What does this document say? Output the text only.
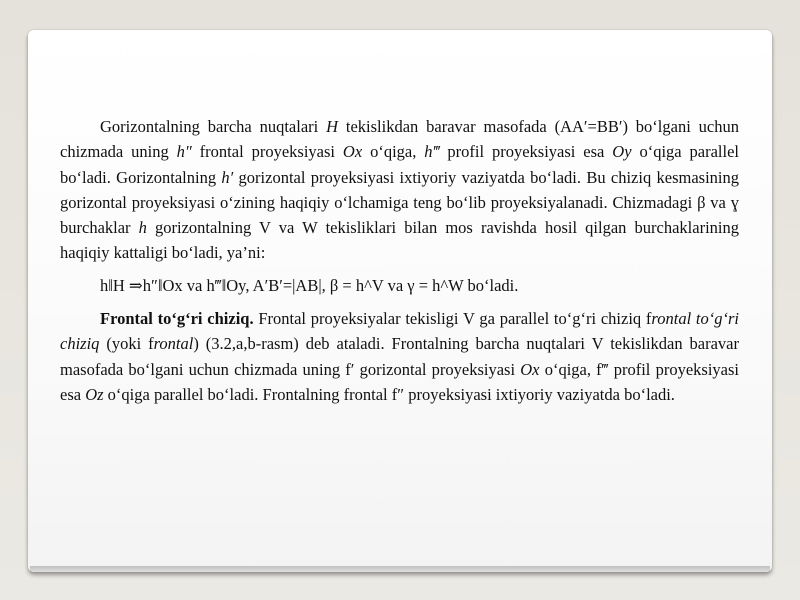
Gorizontalning barcha nuqtalari H tekislikdan baravar masofada (AA′=BB′) bo‘lgani uchun chizmada uning h″ frontal proyeksiyasi Ox o‘qiga, h‴ profil proyeksiyasi esa Oy o‘qiga parallel bo‘ladi. Gorizontalning h′ gorizontal proyeksiyasi ixtiyoriy vaziyatda bo‘ladi. Bu chiziq kesmasining gorizontal proyeksiyasi o‘zining haqiqiy o‘lchamiga teng bo‘lib proyeksiyalanadi. Chizmadagi β va ɣ burchaklar h gorizontalning V va W tekisliklari bilan mos ravishda hosil qilgan burchaklarining haqiqiy kattaligi bo‘ladi, ya’ni:

h‖H ⇒h″‖Ox va h‴‖Oy, A′B′=|AB|, β = h^V va γ = h^W bo‘ladi.

Frontal to‘g‘ri chiziq. Frontal proyeksiyalar tekisligi V ga parallel to‘g‘ri chiziq frontal to‘g‘ri chiziq (yoki frontal) (3.2,a,b-rasm) deb ataladi. Frontalning barcha nuqtalari V tekislikdan baravar masofada bo‘lgani uchun chizmada uning f′ gorizontal proyeksiyasi Ox o‘qiga, f‴ profil proyeksiyasi esa Oz o‘qiga parallel bo‘ladi. Frontalning frontal f″ proyeksiyasi ixtiyoriy vaziyatda bo‘ladi.
